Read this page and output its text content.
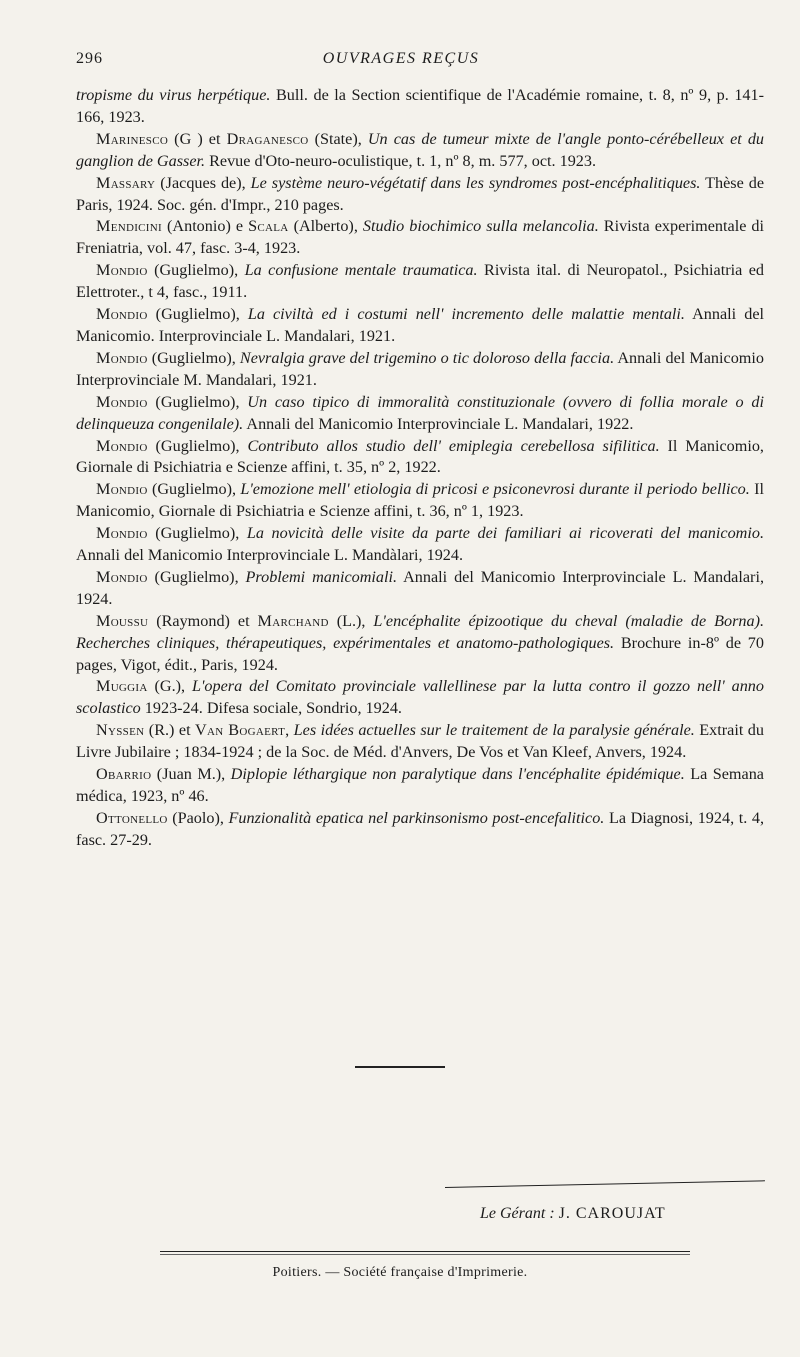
296	OUVRAGES REÇUS

tropisme du virus herpétique. Bull. de la Section scientifique de l'Académie romaine, t. 8, nº 9, p. 141-166, 1923.

Marinesco (G ) et Draganesco (State), Un cas de tumeur mixte de l'angle ponto-cérébelleux et du ganglion de Gasser. Revue d'Oto-neuro-oculistique, t. 1, nº 8, m. 577, oct. 1923.

Massary (Jacques de), Le système neuro-végétatif dans les syndromes post-encéphalitiques. Thèse de Paris, 1924. Soc. gén. d'Impr., 210 pages.

Mendicini (Antonio) e Scala (Alberto), Studio biochimico sulla melancolia. Rivista experimentale di Freniatria, vol. 47, fasc. 3-4, 1923.

Mondio (Guglielmo), La confusione mentale traumatica. Rivista ital. di Neuropatol., Psichiatria ed Elettroter., t 4, fasc., 1911.

Mondio (Guglielmo), La civiltà ed i costumi nell' incremento delle malattie mentali. Annali del Manicomio. Interprovinciale L. Mandalari, 1921.

Mondio (Guglielmo), Nevralgia grave del trigemino o tic doloroso della faccia. Annali del Manicomio Interprovinciale M. Mandalari, 1921.

Mondio (Guglielmo), Un caso tipico di immoralità constituzionale (ovvero di follia morale o di delinqueuza congenilale). Annali del Manicomio Interprovinciale L. Mandalari, 1922.

Mondio (Guglielmo), Contributo allos studio dell' emiplegia cerebellosa sifilitica. Il Manicomio, Giornale di Psichiatria e Scienze affini, t. 35, nº 2, 1922.

Mondio (Guglielmo), L'emozione mell' etiologia di pricosi e psiconevrosi durante il periodo bellico. Il Manicomio, Giornale di Psichiatria e Scienze affini, t. 36, nº 1, 1923.

Mondio (Guglielmo), La novicità delle visite da parte dei familiari ai ricoverati del manicomio. Annali del Manicomio Interprovinciale L. Mandàlari, 1924.

Mondio (Guglielmo), Problemi manicomiali. Annali del Manicomio Interprovinciale L. Mandalari, 1924.

Moussu (Raymond) et Marchand (L.), L'encéphalite épizootique du cheval (maladie de Borna). Recherches cliniques, thérapeutiques, expérimentales et anatomo-pathologiques. Brochure in-8º de 70 pages, Vigot, édit., Paris, 1924.

Muggia (G.), L'opera del Comitato provinciale vallellinese par la lutta contro il gozzo nell' anno scolastico 1923-24. Difesa sociale, Sondrio, 1924.

Nyssen (R.) et Van Bogaert, Les idées actuelles sur le traitement de la paralysie générale. Extrait du Livre Jubilaire ; 1834-1924 ; de la Soc. de Méd. d'Anvers, De Vos et Van Kleef, Anvers, 1924.

Obarrio (Juan M.), Diplopie léthargique non paralytique dans l'encéphalite épidémique. La Semana médica, 1923, nº 46.

Ottonello (Paolo), Funzionalità epatica nel parkinsonismo post-encefalitico. La Diagnosi, 1924, t. 4, fasc. 27-29.

Le Gérant : J. CAROUJAT
Poitiers. — Société française d'Imprimerie.
